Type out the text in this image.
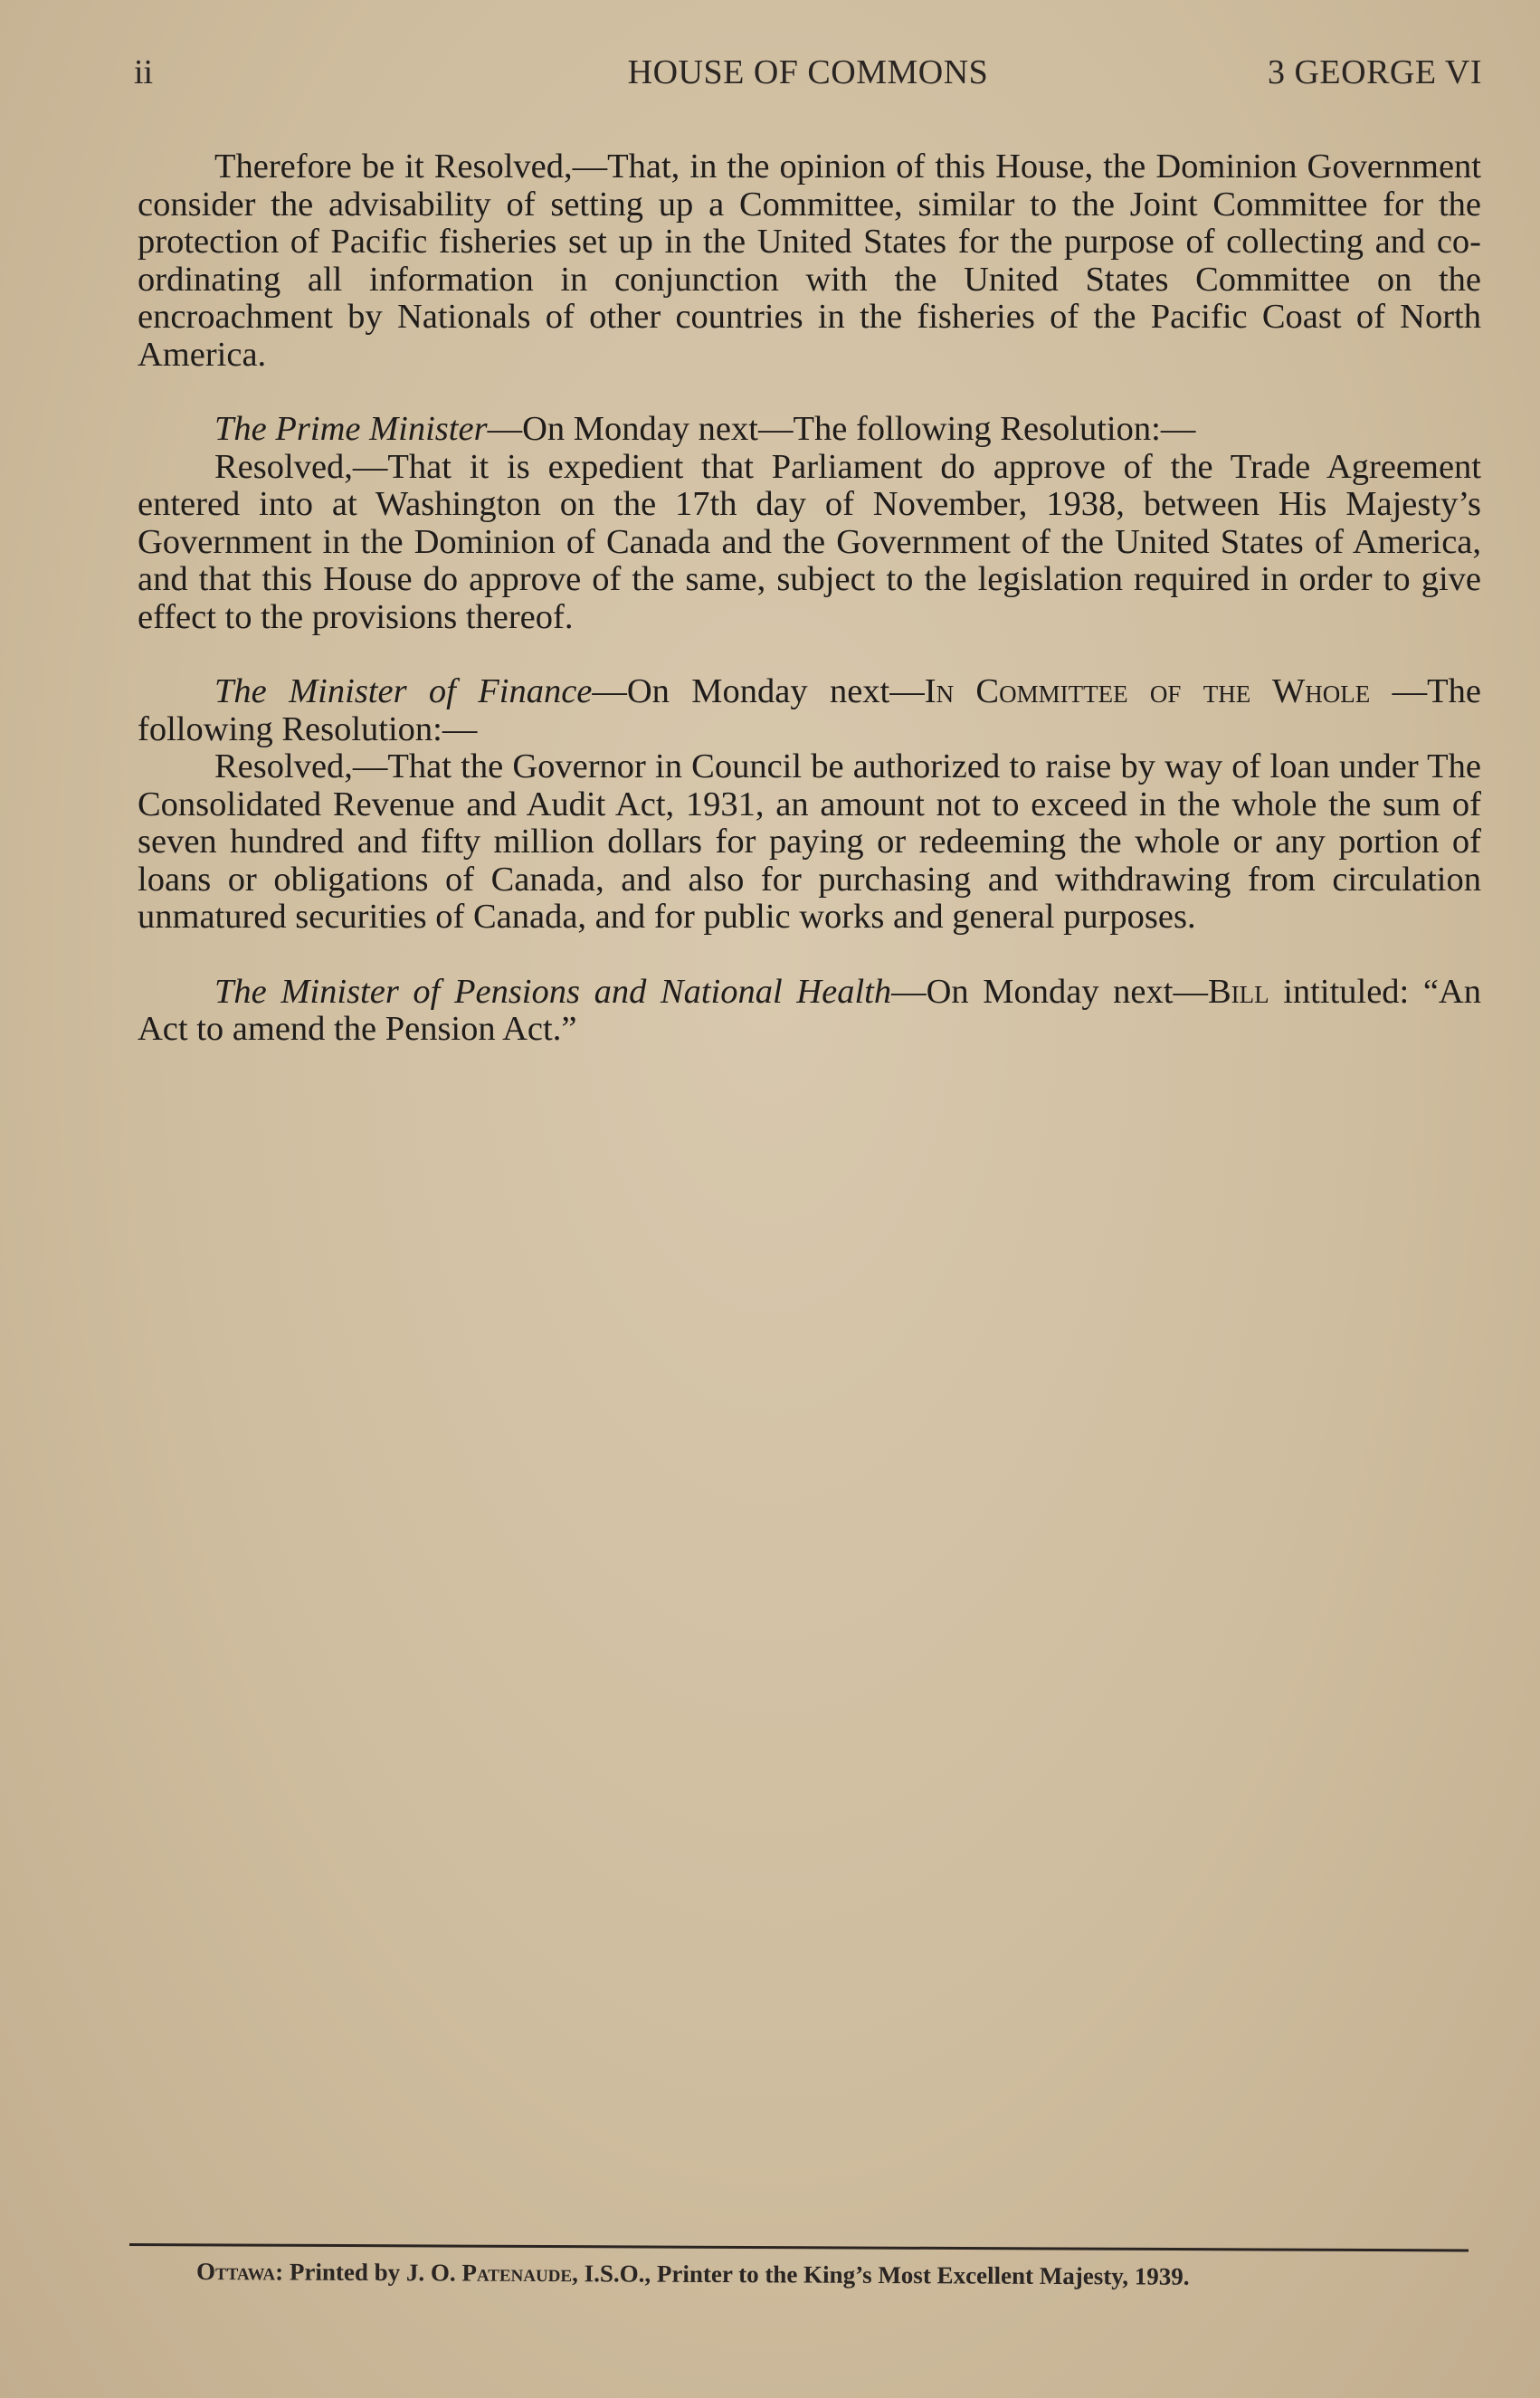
ii	HOUSE OF COMMONS	3 GEORGE VI

Therefore be it Resolved,—That, in the opinion of this House, the Dominion Government consider the advisability of setting up a Committee, similar to the Joint Committee for the protection of Pacific fisheries set up in the United States for the purpose of collecting and co-ordinating all information in conjunction with the United States Committee on the encroachment by Nationals of other countries in the fisheries of the Pacific Coast of North America.

The Prime Minister—On Monday next—The following Resolution:—

Resolved,—That it is expedient that Parliament do approve of the Trade Agreement entered into at Washington on the 17th day of November, 1938, between His Majesty’s Government in the Dominion of Canada and the Government of the United States of America, and that this House do approve of the same, subject to the legislation required in order to give effect to the provisions thereof.

The Minister of Finance—On Monday next—In Committee of the Whole —The following Resolution:—

Resolved,—That the Governor in Council be authorized to raise by way of loan under The Consolidated Revenue and Audit Act, 1931, an amount not to exceed in the whole the sum of seven hundred and fifty million dollars for paying or redeeming the whole or any portion of loans or obligations of Canada, and also for purchasing and withdrawing from circulation unmatured securities of Canada, and for public works and general purposes.

The Minister of Pensions and National Health—On Monday next—Bill intituled: “An Act to amend the Pension Act.”

Ottawa: Printed by J. O. Patenaude, I.S.O., Printer to the King’s Most Excellent Majesty, 1939.
